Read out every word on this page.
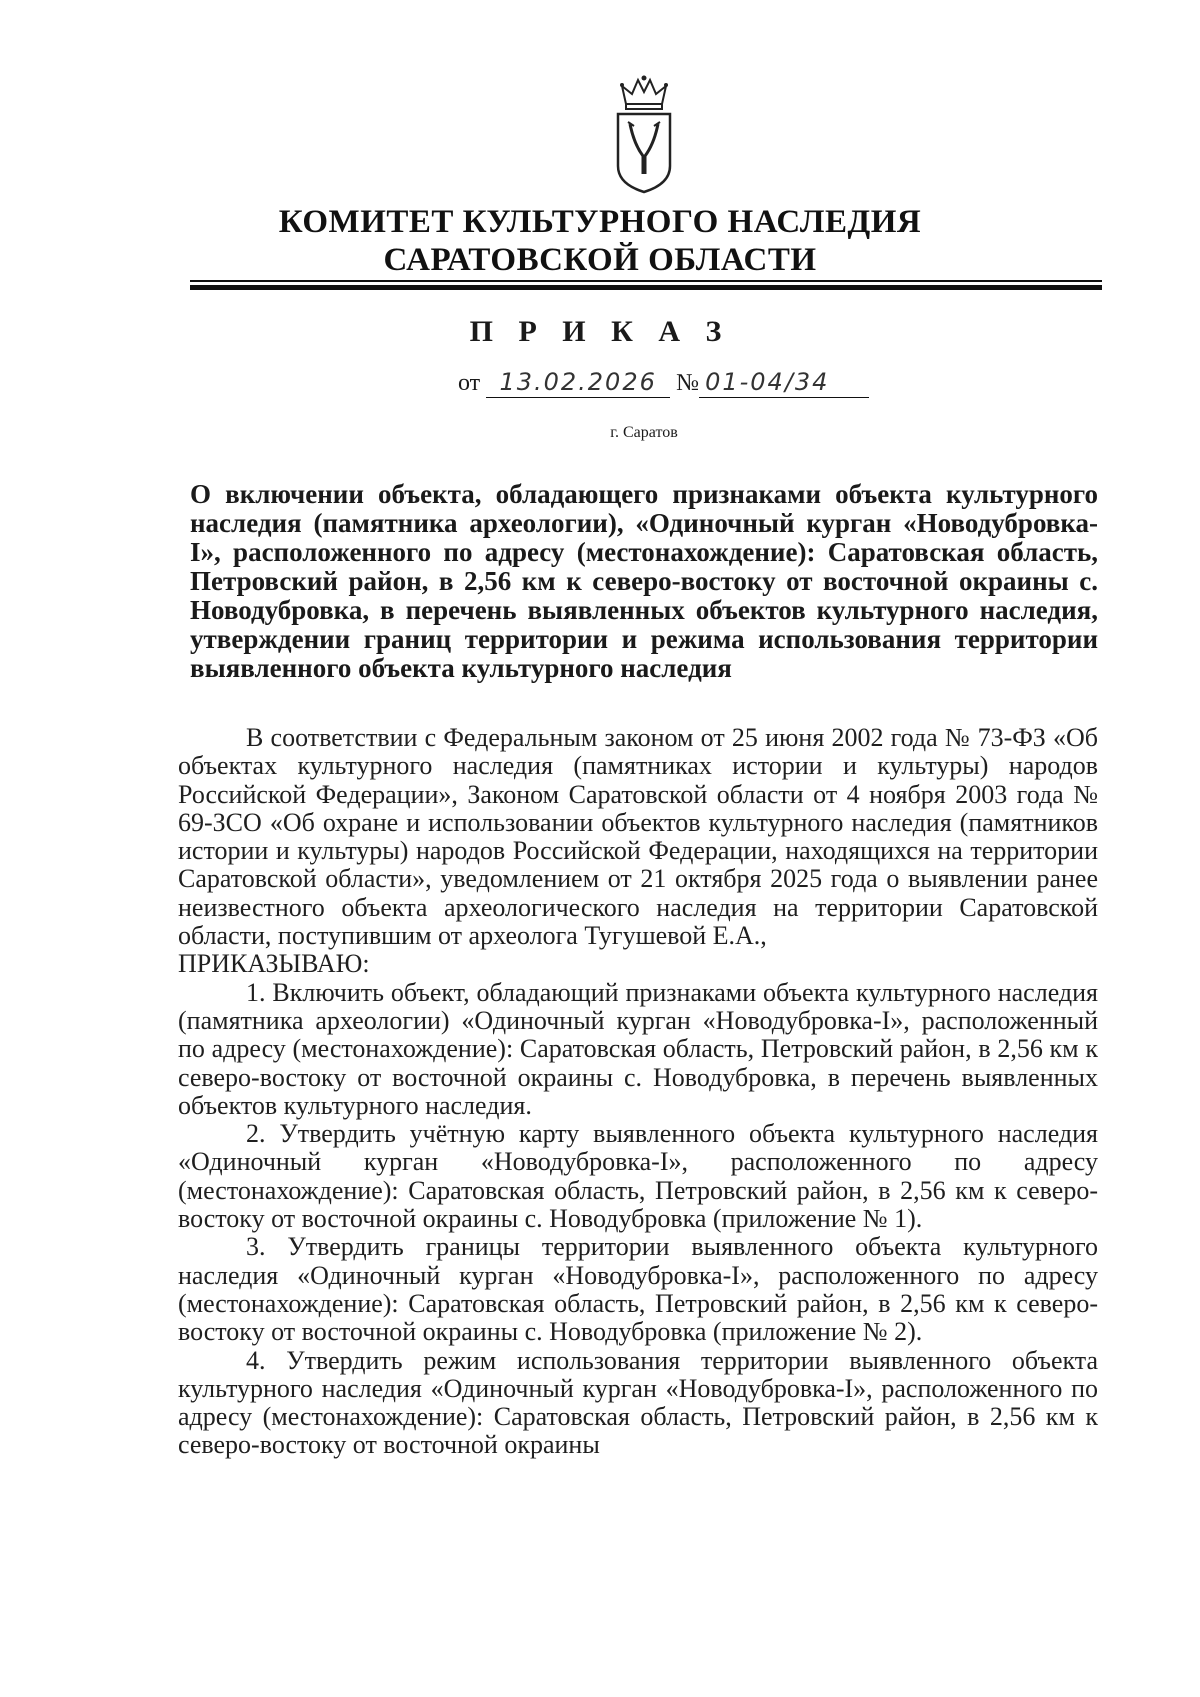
КОМИТЕТ КУЛЬТУРНОГО НАСЛЕДИЯ
САРАТОВСКОЙ ОБЛАСТИ
П Р И К А З
от 13.02.2026 № 01-04/34
г. Саратов

О включении объекта, обладающего признаками объекта культурного наследия (памятника археологии), «Одиночный курган «Новодубровка-I», расположенного по адресу (местонахождение): Саратовская область, Петровский район, в 2,56 км к северо-востоку от восточной окраины с. Новодубровка, в перечень выявленных объектов культурного наследия, утверждении границ территории и режима использования территории выявленного объекта культурного наследия

В соответствии с Федеральным законом от 25 июня 2002 года № 73-ФЗ «Об объектах культурного наследия (памятниках истории и культуры) народов Российской Федерации», Законом Саратовской области от 4 ноября 2003 года № 69-ЗСО «Об охране и использовании объектов культурного наследия (памятников истории и культуры) народов Российской Федерации, находящихся на территории Саратовской области», уведомлением от 21 октября 2025 года о выявлении ранее неизвестного объекта археологического наследия на территории Саратовской области, поступившим от археолога Тугушевой Е.А.,

ПРИКАЗЫВАЮ:

1. Включить объект, обладающий признаками объекта культурного наследия (памятника археологии) «Одиночный курган «Новодубровка-I», расположенный по адресу (местонахождение): Саратовская область, Петровский район, в 2,56 км к северо-востоку от восточной окраины с. Новодубровка, в перечень выявленных объектов культурного наследия.

2. Утвердить учётную карту выявленного объекта культурного наследия «Одиночный курган «Новодубровка-I», расположенного по адресу (местонахождение): Саратовская область, Петровский район, в 2,56 км к северо-востоку от восточной окраины с. Новодубровка (приложение № 1).

3. Утвердить границы территории выявленного объекта культурного наследия «Одиночный курган «Новодубровка-I», расположенного по адресу (местонахождение): Саратовская область, Петровский район, в 2,56 км к северо-востоку от восточной окраины с. Новодубровка (приложение № 2).

4. Утвердить режим использования территории выявленного объекта культурного наследия «Одиночный курган «Новодубровка-I», расположенного по адресу (местонахождение): Саратовская область, Петровский район, в 2,56 км к северо-востоку от восточной окраины
